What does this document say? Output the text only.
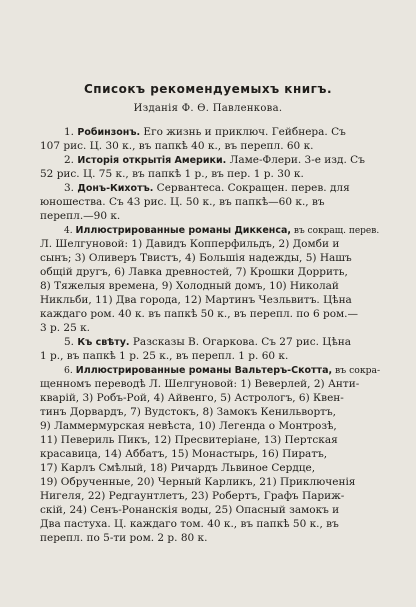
Списокъ рекомендуемыхъ книгъ.
Изданія Ф. Ѳ. Павленкова.
1. Робинзонъ. Его жизнь и приключ. Гейбнера. Съ
107 рис. Ц. 30 к., въ папкѣ 40 к., въ перепл. 60 к.
2. Исторія открытія Америки. Ламе-Флери. 3-е изд. Съ
52 рис. Ц. 75 к., въ папкѣ 1 р., въ пер. 1 р. 30 к.
3. Донъ-Кихотъ. Сервантеса. Сокращен. перев. для
юношества. Съ 43 рис. Ц. 50 к., въ папкѣ—60 к., въ
перепл.—90 к.
4. Иллюстрированные романы Диккенса, въ сокращ. перев.
Л. Шелгуновой: 1) Давидъ Копперфильдъ, 2) Домби и
сынъ; 3) Оливеръ Твистъ, 4) Большія надежды, 5) Нашъ
общій другъ, 6) Лавка древностей, 7) Крошки Доррить,
8) Тяжелыя времена, 9) Холодный домъ, 10) Николай
Никльби, 11) Два города, 12) Мартинъ Чезльвитъ. Цѣна
каждаго ром. 40 к. въ папкѣ 50 к., въ перепл. по 6 ром.—
3 р. 25 к.
5. Къ свѣту. Разсказы В. Огаркова. Съ 27 рис. Цѣна
1 р., въ папкѣ 1 р. 25 к., въ перепл. 1 р. 60 к.
6. Иллюстрированные романы Вальтеръ-Скотта, въ сокра-
щенномъ переводѣ Л. Шелгуновой: 1) Веверлей, 2) Анти-
кварій, 3) Робъ-Рой, 4) Айвенго, 5) Астрологъ, 6) Квен-
тинъ Дорвардъ, 7) Вудстокъ, 8) Замокъ Кенильвортъ,
9) Ламмермурская невѣста, 10) Легенда о Монтрозѣ,
11) Певериль Пикъ, 12) Пресвитеріане, 13) Пертская
красавица, 14) Аббатъ, 15) Монастырь, 16) Пиратъ,
17) Карлъ Смѣлый, 18) Ричардъ Львиное Сердце,
19) Обрученные, 20) Черный Карликъ, 21) Приключенія
Нигеля, 22) Редгаунтлетъ, 23) Робертъ, Графъ Париж-
скій, 24) Сенъ-Ронанскія воды, 25) Опасный замокъ и
Два пастуха. Ц. каждаго том. 40 к., въ папкѣ 50 к., въ
перепл. по 5-ти ром. 2 р. 80 к.
